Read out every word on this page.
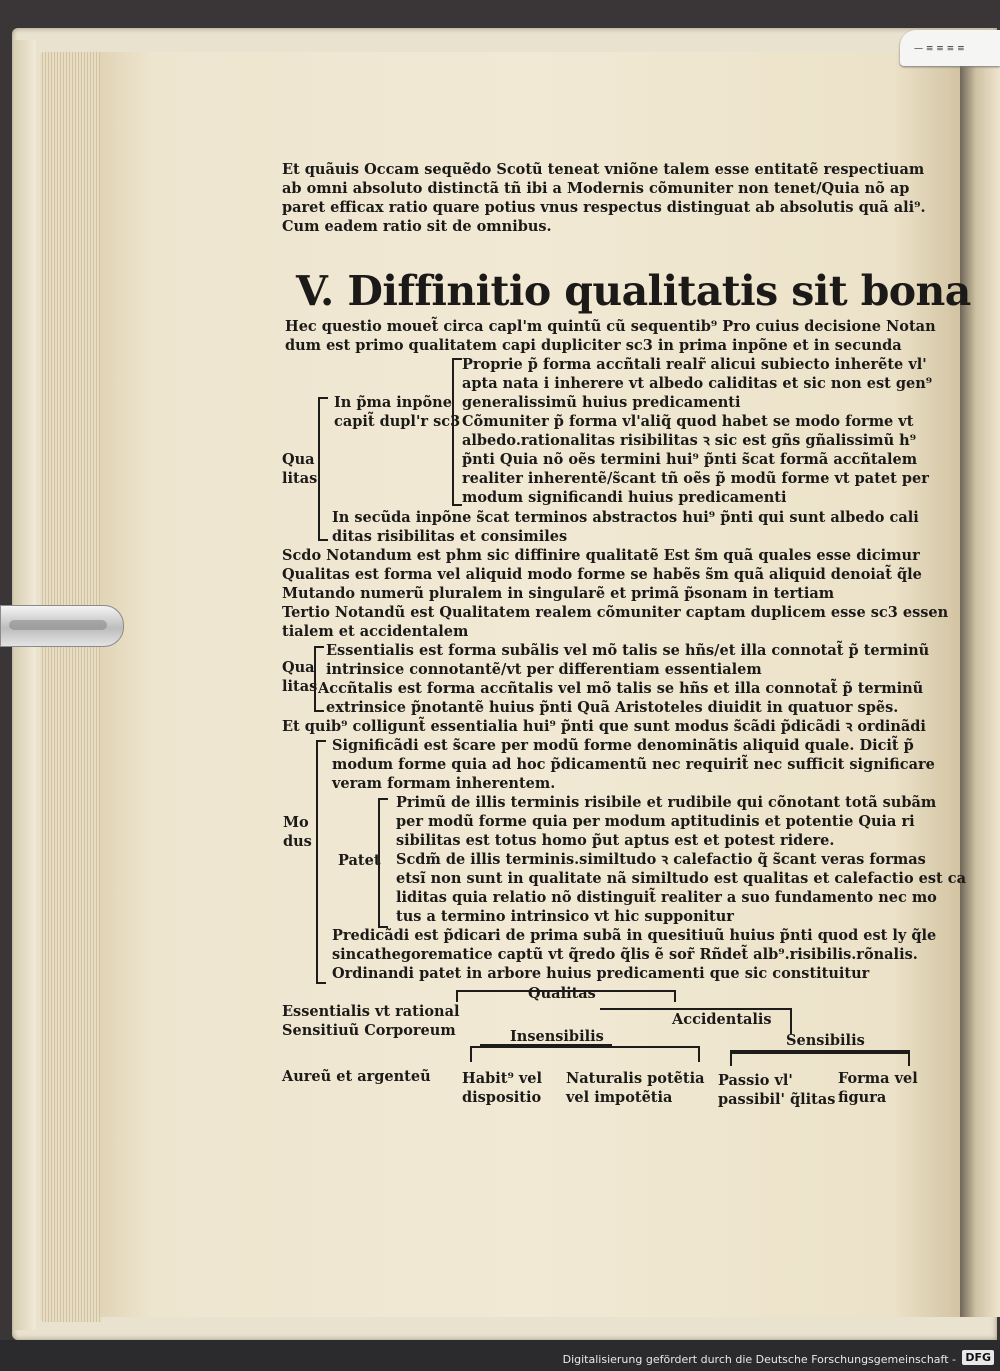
— ≡ ≡ ≡ ≡
Et quãuis Occam sequẽdo Scotũ teneat vniõne talem esse entitatẽ respectiuam
ab omni absoluto distinctã tñ ibi a Modernis cõmuniter non tenet/Quia nõ ap
paret efficax ratio quare potius vnus respectus distinguat ab absolutis quã ali⁹.
Cum eadem ratio sit de omnibus.
V. Diffinitio qualitatis sit bona
Hec questio mouet̃ circa capl'm quintũ cũ sequentib⁹ Pro cuius decisione Notan
dum est primo qualitatem capi dupliciter sc3 in prima inpõne et in secunda
Qua
litas
In p̃ma inpõne
capit̃ dupl'r sc3
Proprie p̃ forma accñtali realr̃ alicui subiecto inherẽte vl'
apta nata i inherere vt albedo caliditas et sic non est gen⁹
generalissimũ huius predicamenti
Cõmuniter p̃ forma vl'aliq̃ quod habet se modo forme vt
albedo.rationalitas risibilitas ꝛ sic est gñs gñalissimũ h⁹
p̃nti Quia nõ oẽs termini hui⁹ p̃nti s̃cat formã accñtalem
realiter inherentẽ/s̃cant tñ oẽs p̃ modũ forme vt patet per
modum significandi huius predicamenti
In secũda inpõne s̃cat terminos abstractos hui⁹ p̃nti qui sunt albedo cali
ditas risibilitas et consimiles
Scdo Notandum est phm sic diffinire qualitatẽ Est s̃m quã quales esse dicimur
Qualitas est forma vel aliquid modo forme se habẽs s̃m quã aliquid denoiat̃ q̃le
Mutando numerũ pluralem in singularẽ et primã p̃sonam in tertiam
Tertio Notandũ est Qualitatem realem cõmuniter captam duplicem esse sc3 essen
tialem et accidentalem
Qua
litas
Essentialis est forma subãlis vel mõ talis se hñs/et illa connotat̃ p̃ terminũ
intrinsice connotantẽ/vt per differentiam essentialem
Accñtalis est forma accñtalis vel mõ talis se hñs et illa connotat̃ p̃ terminũ
extrinsice p̃notantẽ huius p̃nti Quã Aristoteles diuidit in quatuor spẽs.
Et quib⁹ colligunt̃ essentialia hui⁹ p̃nti que sunt modus s̃cãdi p̃dicãdi ꝛ ordinãdi
Mo
dus
Significãdi est s̃care per modũ forme denominãtis aliquid quale. Dicit̃ p̃
modum forme quia ad hoc p̃dicamentũ nec requirit̃ nec sufficit significare
veram formam inherentem.
Patet
Primũ de illis terminis risibile et rudibile qui cõnotant totã subãm
per modũ forme quia per modum aptitudinis et potentie Quia ri
sibilitas est totus homo p̃ut aptus est et potest ridere.
Scdm̃ de illis terminis.similtudo ꝛ calefactio q̃ s̃cant veras formas
etsĩ non sunt in qualitate nã similtudo est qualitas et calefactio est ca
liditas quia relatio nõ distinguit̃ realiter a suo fundamento nec mo
tus a termino intrinsico vt hic supponitur
Predicãdi est p̃dicari de prima subã in quesitiuũ huius p̃nti quod est ly q̃le
sincathegorematice captũ vt q̃redo q̃lis ẽ sor̃ Rñdet̃ alb⁹.risibilis.rõnalis.
Ordinandi patet in arbore huius predicamenti que sic constituitur
Qualitas
Essentialis vt rational
Sensitiuũ Corporeum
Accidentalis
Insensibilis	Sensibilis
Aureũ et argenteũ Habit⁹ vel
dispositio
Naturalis potẽtia
vel impotẽtia
Passio vl'
passibil' q̃litas
Forma vel
figura
Digitalisierung gefördert durch die Deutsche Forschungsgemeinschaft - DFG
